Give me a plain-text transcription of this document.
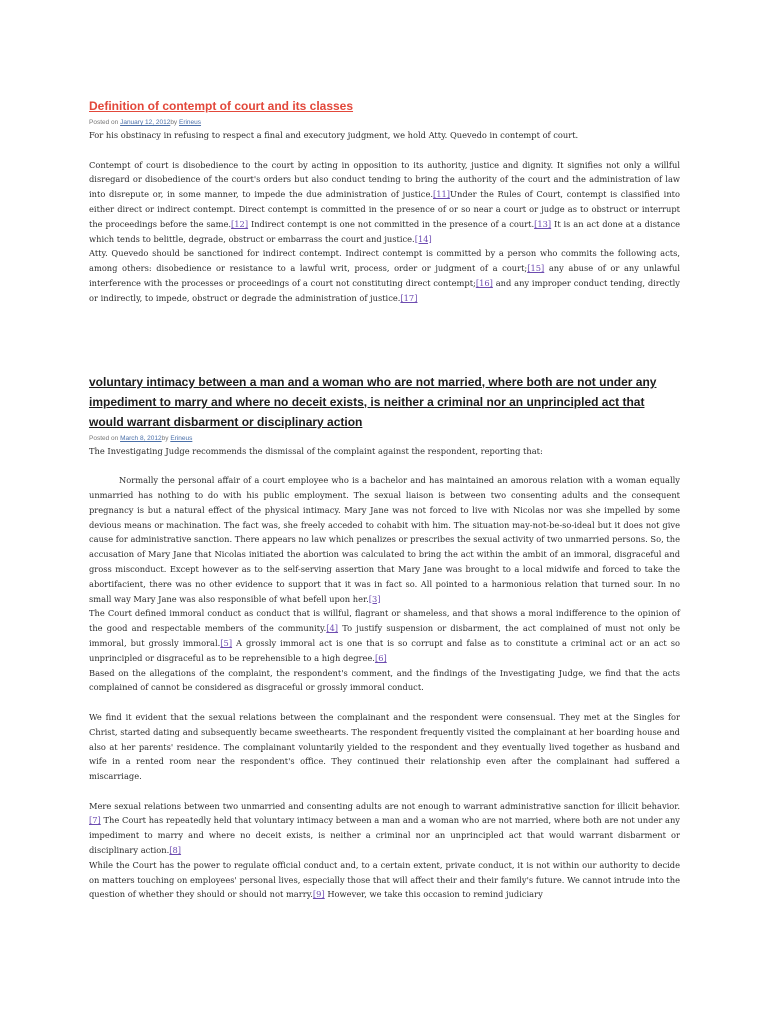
Definition of contempt of court and its classes
Posted on January 12, 2012by Erineus

For his obstinacy in refusing to respect a final and executory judgment, we hold Atty. Quevedo in contempt of court.

Contempt of court is disobedience to the court by acting in opposition to its authority, justice and dignity. It signifies not only a willful disregard or disobedience of the court's orders but also conduct tending to bring the authority of the court and the administration of law into disrepute or, in some manner, to impede the due administration of justice.[11]Under the Rules of Court, contempt is classified into either direct or indirect contempt. Direct contempt is committed in the presence of or so near a court or judge as to obstruct or interrupt the proceedings before the same.[12] Indirect contempt is one not committed in the presence of a court.[13] It is an act done at a distance which tends to belittle, degrade, obstruct or embarrass the court and justice.[14]

Atty. Quevedo should be sanctioned for indirect contempt. Indirect contempt is committed by a person who commits the following acts, among others: disobedience or resistance to a lawful writ, process, order or judgment of a court;[15] any abuse of or any unlawful interference with the processes or proceedings of a court not constituting direct contempt;[16] and any improper conduct tending, directly or indirectly, to impede, obstruct or degrade the administration of justice.[17]

voluntary intimacy between a man and a woman who are not married, where both are not under any impediment to marry and where no deceit exists, is neither a criminal nor an unprincipled act that would warrant disbarment or disciplinary action
Posted on March 8, 2012by Erineus

The Investigating Judge recommends the dismissal of the complaint against the respondent, reporting that:

Normally the personal affair of a court employee who is a bachelor and has maintained an amorous relation with a woman equally unmarried has nothing to do with his public employment. The sexual liaison is between two consenting adults and the consequent pregnancy is but a natural effect of the physical intimacy. Mary Jane was not forced to live with Nicolas nor was she impelled by some devious means or machination. The fact was, she freely acceded to cohabit with him. The situation may-not-be-so-ideal but it does not give cause for administrative sanction. There appears no law which penalizes or prescribes the sexual activity of two unmarried persons. So, the accusation of Mary Jane that Nicolas initiated the abortion was calculated to bring the act within the ambit of an immoral, disgraceful and gross misconduct. Except however as to the self-serving assertion that Mary Jane was brought to a local midwife and forced to take the abortifacient, there was no other evidence to support that it was in fact so. All pointed to a harmonious relation that turned sour. In no small way Mary Jane was also responsible of what befell upon her.[3]

The Court defined immoral conduct as conduct that is willful, flagrant or shameless, and that shows a moral indifference to the opinion of the good and respectable members of the community.[4] To justify suspension or disbarment, the act complained of must not only be immoral, but grossly immoral.[5] A grossly immoral act is one that is so corrupt and false as to constitute a criminal act or an act so unprincipled or disgraceful as to be reprehensible to a high degree.[6]

Based on the allegations of the complaint, the respondent's comment, and the findings of the Investigating Judge, we find that the acts complained of cannot be considered as disgraceful or grossly immoral conduct.

We find it evident that the sexual relations between the complainant and the respondent were consensual. They met at the Singles for Christ, started dating and subsequently became sweethearts. The respondent frequently visited the complainant at her boarding house and also at her parents' residence. The complainant voluntarily yielded to the respondent and they eventually lived together as husband and wife in a rented room near the respondent's office. They continued their relationship even after the complainant had suffered a miscarriage.

Mere sexual relations between two unmarried and consenting adults are not enough to warrant administrative sanction for illicit behavior.[7] The Court has repeatedly held that voluntary intimacy between a man and a woman who are not married, where both are not under any impediment to marry and where no deceit exists, is neither a criminal nor an unprincipled act that would warrant disbarment or disciplinary action.[8]

While the Court has the power to regulate official conduct and, to a certain extent, private conduct, it is not within our authority to decide on matters touching on employees' personal lives, especially those that will affect their and their family's future. We cannot intrude into the question of whether they should or should not marry.[9] However, we take this occasion to remind judiciary
